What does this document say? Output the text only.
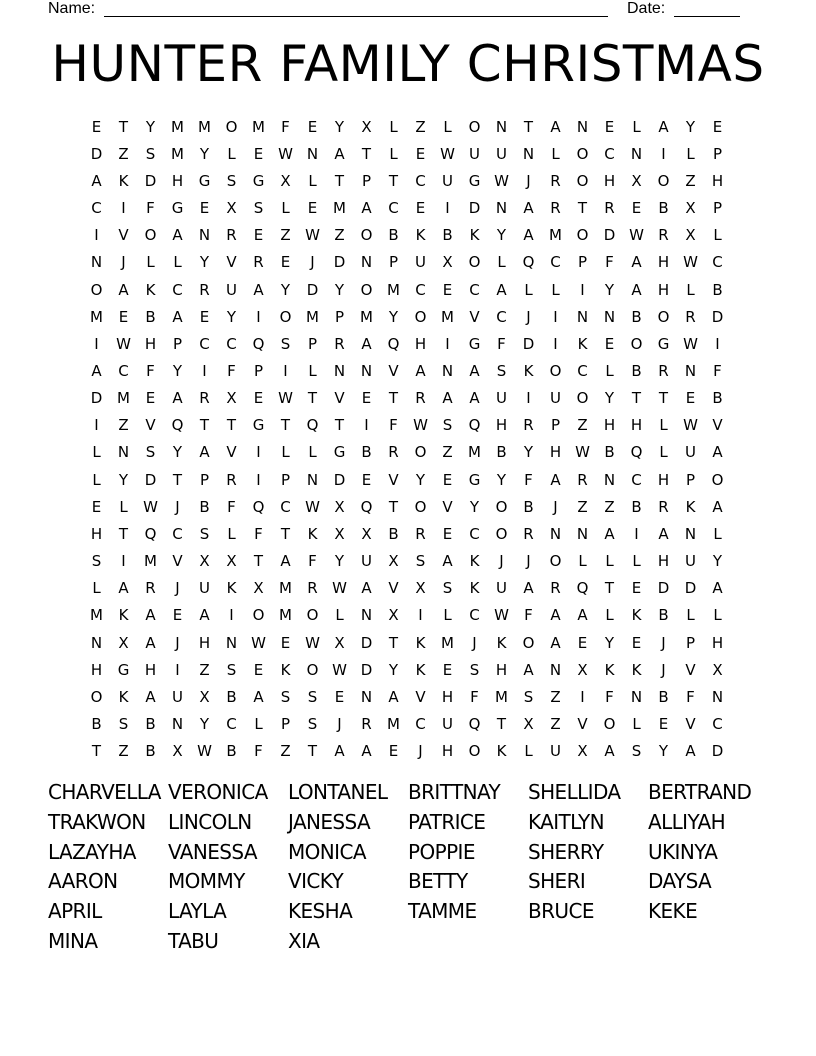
Name:	Date:
HUNTER FAMILY CHRISTMAS
E	T	Y	M M O M	F	E	Y	X	L	Z	L	O	N	T	A	N	E	L	A	Y	E
D	Z	S	M	Y	L	E W N	A	T	L	E W U	U	N	L	O	C	N	I	L	P
A	K	D	H	G	S	G	X	L	T	P	T	C	U	G W	J	R	O	H	X	O	Z	H
C	I	F	G	E	X	S	L	E	M	A	C	E	I	D	N	A	R	T	R	E	B	X	P
I	V	O	A	N	R	E	Z W Z	O	B	K	B	K	Y	A	M O	D W R	X	L
N	J	L	L	Y	V	R	E	J	D	N	P	U	X	O	L	Q	C	P	F	A	H W C
O	A	K	C	R	U	A	Y	D	Y	O M	C	E	C	A	L	L	I	Y	A	H	L	B
M	E	B	A	E	Y	I	O M	P	M	Y	O M	V	C	J	I	N	N	B	O	R	D
I	W H	P	C	C	Q	S	P	R	A	Q	H	I	G	F	D	I	K	E	O	G W	I
A	C	F	Y	I	F	P	I	L	N	N	V	A	N	A	S	K	O	C	L	B	R	N	F
D M	E	A	R	X	E W T	V	E	T	R	A	A	U	I	U	O	Y	T	T	E	B
I	Z	V	Q	T	T	G	T	Q	T	I	F	W S	Q	H	R	P	Z	H	H	L	W V
L	N	S	Y	A	V	I	L	L	G	B	R	O	Z	M	B	Y	H W B	Q	L	U	A
L	Y	D	T	P	R	I	P	N	D	E	V	Y	E	G	Y	F	A	R	N	C	H	P	O
E	L	W	J	B	F	Q	C W X	Q	T	O	V	Y	O	B	J	Z	Z	B	R	K	A
H	T	Q	C	S	L	F	T	K	X	X	B	R	E	C	O	R	N	N	A	I	A	N	L
S	I	M	V	X	X	T	A	F	Y	U	X	S	A	K	J	J	O	L	L	L	H	U	Y
L	A	R	J	U	K	X	M	R W A	V	X	S	K	U	A	R	Q	T	E	D	D	A
M	K	A	E	A	I	O M O	L	N	X	I	L	C W	F	A	A	L	K	B	L	L
N	X	A	J	H	N W E W X	D	T	K	M	J	K	O	A	E	Y	E	J	P	H
H	G	H	I	Z	S	E	K	O W D	Y	K	E	S	H	A	N	X	K	K	J	V	X
O	K	A	U	X	B	A	S	S	E	N	A	V	H	F	M	S	Z	I	F	N	B	F	N
B	S	B	N	Y	C	L	P	S	J	R	M	C	U	Q	T	X	Z	V	O	L	E	V	C
T	Z	B	X W B	F	Z	T	A	A	E	J	H	O	K	L	U	X	A	S	Y	A	D
CHARVELLA VERONICA	LONTANEL	BRITTNAY	SHELLIDA	BERTRAND
TRAKWON	LINCOLN	JANESSA	PATRICE	KAITLYN	ALLIYAH
LAZAYHA	VANESSA	MONICA	POPPIE	SHERRY	UKINYA
AARON	MOMMY	VICKY	BETTY	SHERI	DAYSA
APRIL	LAYLA	KESHA	TAMME	BRUCE	KEKE
MINA	TABU	XIA
